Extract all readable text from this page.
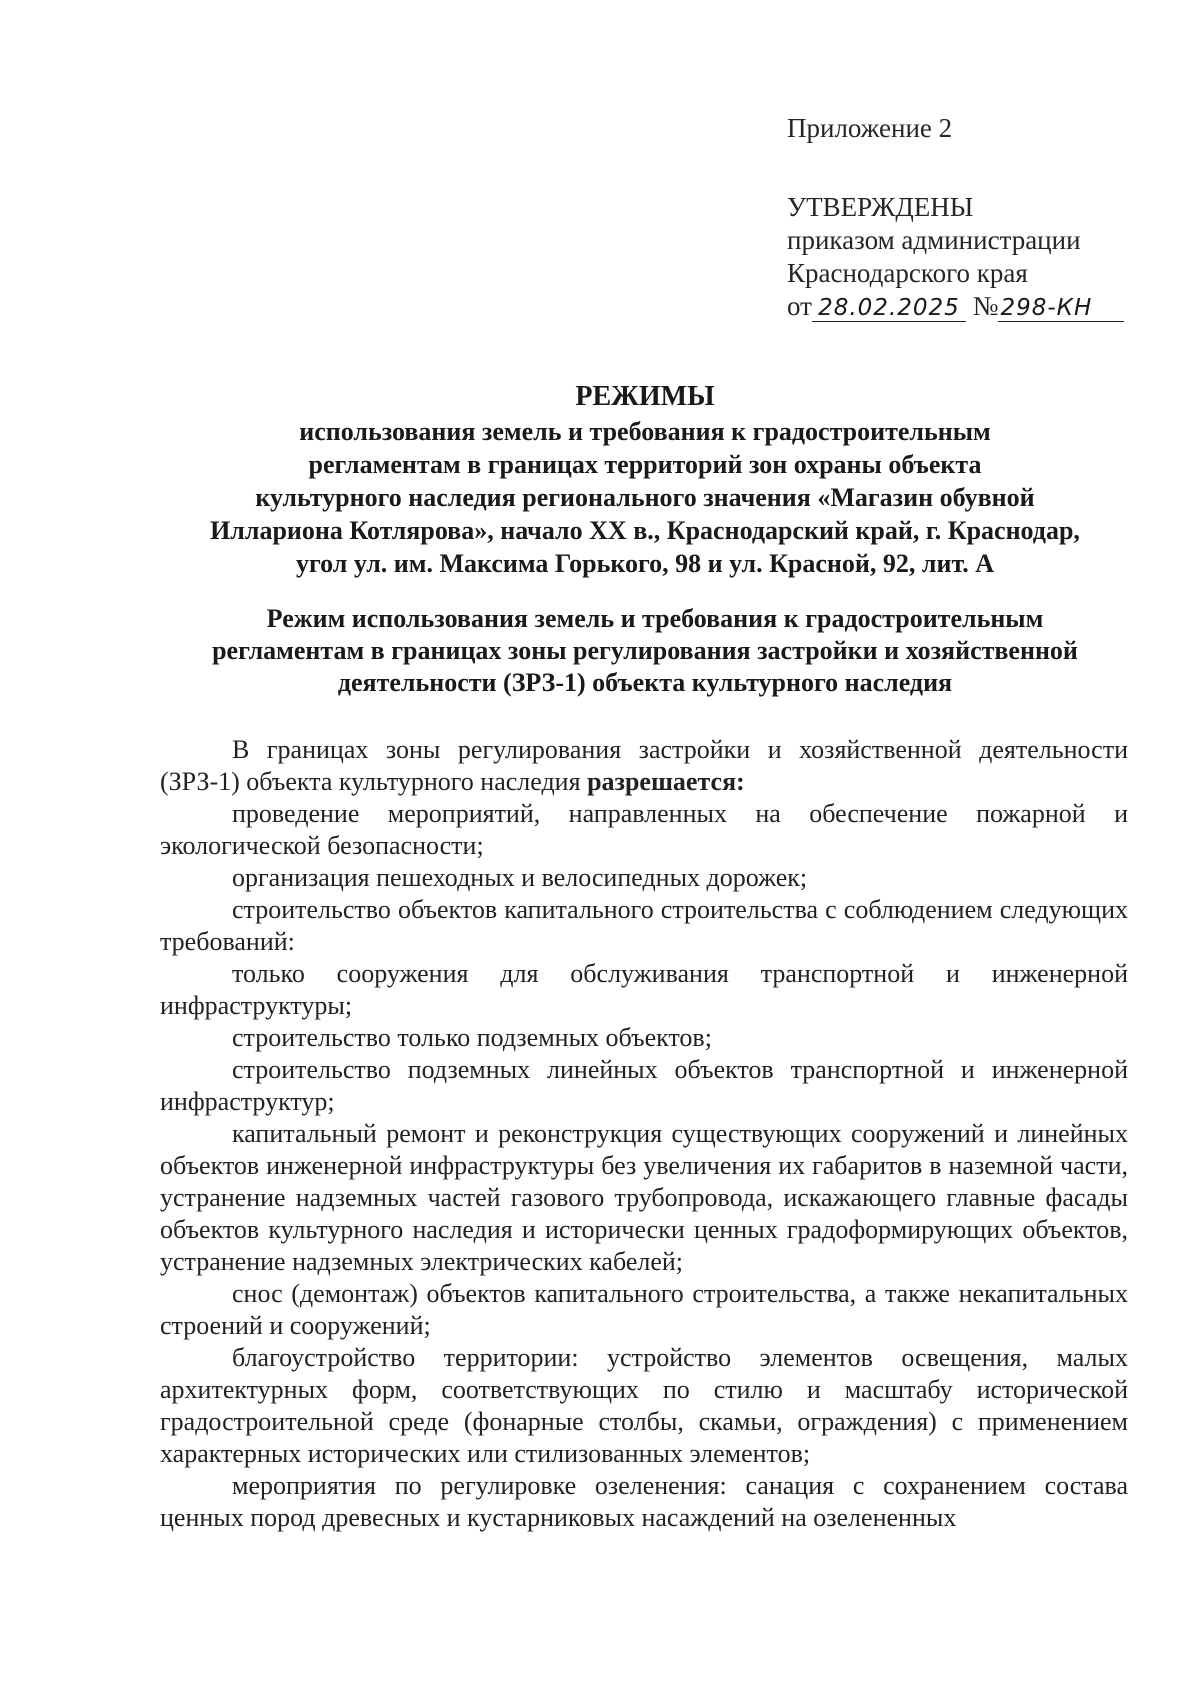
Приложение 2
УТВЕРЖДЕНЫ
приказом администрации
Краснодарского края
от 28.02.2025 №298-КН
РЕЖИМЫ
использования земель и требования к градостроительным
регламентам в границах территорий зон охраны объекта
культурного наследия регионального значения «Магазин обувной
Иллариона Котлярова», начало XX в., Краснодарский край, г. Краснодар,
угол ул. им. Максима Горького, 98 и ул. Красной, 92, лит. А
Режим использования земель и требования к градостроительным
регламентам в границах зоны регулирования застройки и хозяйственной
деятельности (ЗРЗ-1) объекта культурного наследия

В границах зоны регулирования застройки и хозяйственной деятельности (ЗРЗ-1) объекта культурного наследия разрешается:

проведение мероприятий, направленных на обеспечение пожарной и экологической безопасности;

организация пешеходных и велосипедных дорожек;

строительство объектов капитального строительства с соблюдением следующих требований:

только сооружения для обслуживания транспортной и инженерной инфраструктуры;

строительство только подземных объектов;

строительство подземных линейных объектов транспортной и инженерной инфраструктур;

капитальный ремонт и реконструкция существующих сооружений и линейных объектов инженерной инфраструктуры без увеличения их габаритов в наземной части, устранение надземных частей газового трубопровода, искажающего главные фасады объектов культурного наследия и исторически ценных градоформирующих объектов, устранение надземных электрических кабелей;

снос (демонтаж) объектов капитального строительства, а также некапитальных строений и сооружений;

благоустройство территории: устройство элементов освещения, малых архитектурных форм, соответствующих по стилю и масштабу исторической градостроительной среде (фонарные столбы, скамьи, ограждения) с применением характерных исторических или стилизованных элементов;

мероприятия по регулировке озеленения: санация с сохранением состава ценных пород древесных и кустарниковых насаждений на озелененных
